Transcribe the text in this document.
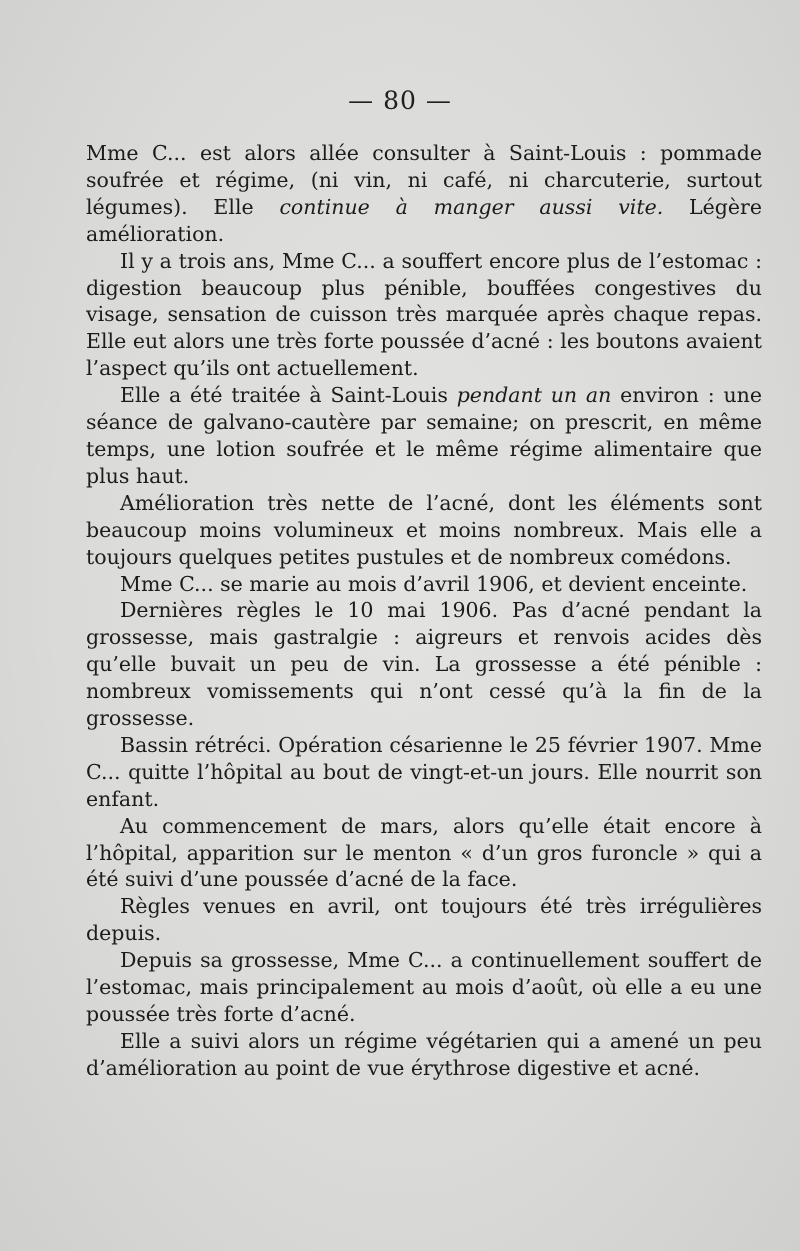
— 80 —

Mme C... est alors allée consulter à Saint-Louis : pommade soufrée et régime, (ni vin, ni café, ni charcuterie, surtout légumes). Elle continue à manger aussi vite. Légère amélioration.

Il y a trois ans, Mme C... a souffert encore plus de l’estomac : digestion beaucoup plus pénible, bouffées congestives du visage, sensation de cuisson très marquée après chaque repas. Elle eut alors une très forte poussée d’acné : les boutons avaient l’aspect qu’ils ont actuellement.

Elle a été traitée à Saint-Louis pendant un an environ : une séance de galvano-cautère par semaine; on prescrit, en même temps, une lotion soufrée et le même régime alimentaire que plus haut.

Amélioration très nette de l’acné, dont les éléments sont beaucoup moins volumineux et moins nombreux. Mais elle a toujours quelques petites pustules et de nombreux comédons.

Mme C... se marie au mois d’avril 1906, et devient enceinte.

Dernières règles le 10 mai 1906. Pas d’acné pendant la grossesse, mais gastralgie : aigreurs et renvois acides dès qu’elle buvait un peu de vin. La grossesse a été pénible : nombreux vomissements qui n’ont cessé qu’à la fin de la grossesse.

Bassin rétréci. Opération césarienne le 25 février 1907. Mme C... quitte l’hôpital au bout de vingt-et-un jours. Elle nourrit son enfant.

Au commencement de mars, alors qu’elle était encore à l’hôpital, apparition sur le menton « d’un gros furoncle » qui a été suivi d’une poussée d’acné de la face.

Règles venues en avril, ont toujours été très irrégulières depuis.

Depuis sa grossesse, Mme C... a continuellement souffert de l’estomac, mais principalement au mois d’août, où elle a eu une poussée très forte d’acné.

Elle a suivi alors un régime végétarien qui a amené un peu d’amélioration au point de vue érythrose digestive et acné.
